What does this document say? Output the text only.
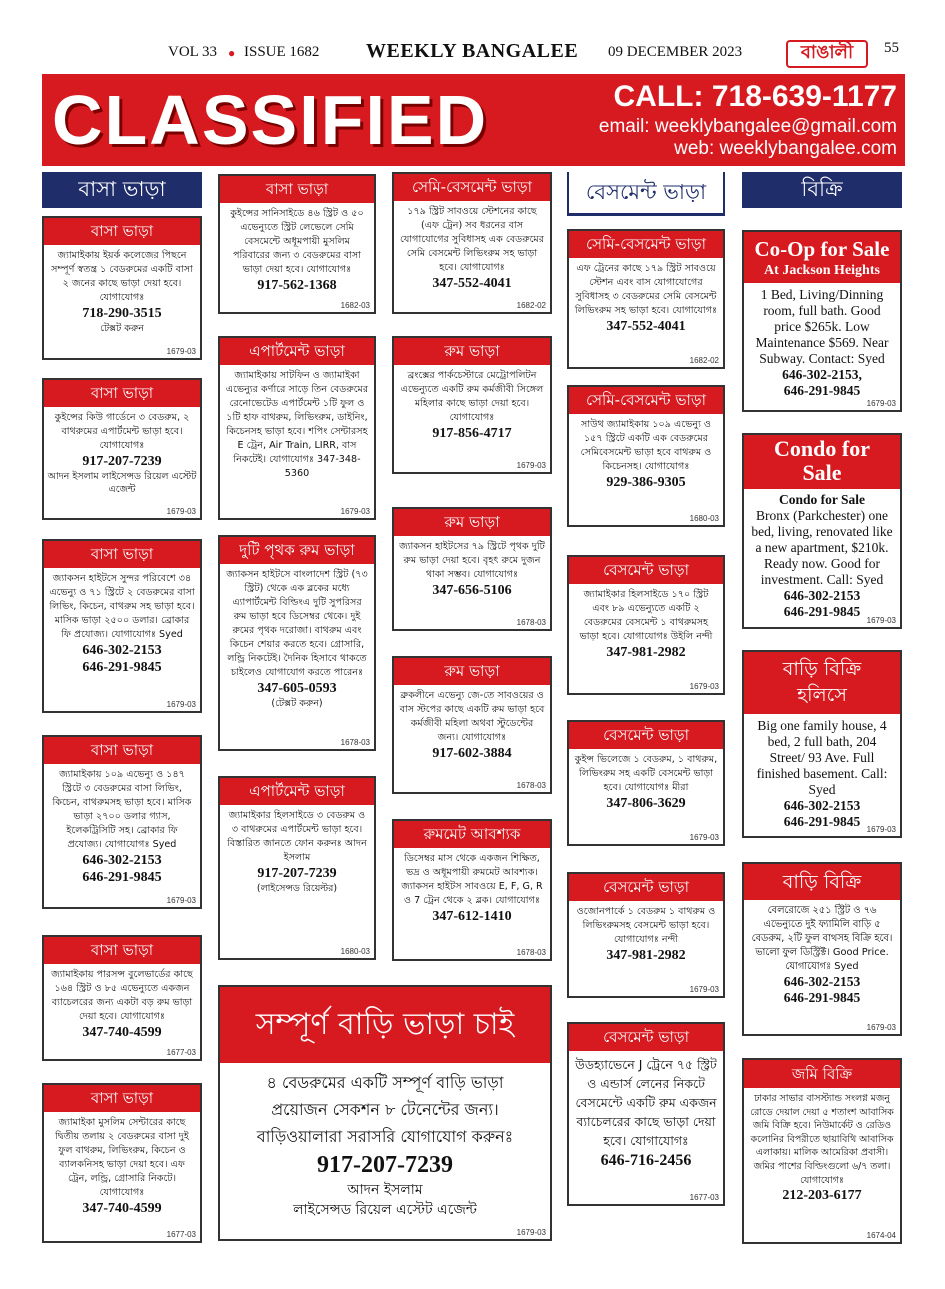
VOL 33 ● ISSUE 1682 WEEKLY BANGALEE 09 DECEMBER 2023	বাঙালী	55
CLASSIFIED	CALL: 718-639-1177
email: weeklybangalee@gmail.com
web: weeklybangalee.com
বাসা ভাড়া	বেসমেন্ট ভাড়া	বিক্রি
বাসা ভাড়া
জ্যামাইকায় ইয়র্ক কলেজের পিছনে সম্পূর্ণ স্বতন্ত্র ১ বেডরুমের একটি বাসা ২ জনের কাছে ভাড়া দেয়া হবে। যোগাযোগঃ
718-290-3515
টেক্সট করুন
1679-03
বাসা ভাড়া
কুইন্সের কিউ গার্ডেনে ৩ বেডরুম, ২ বাথরুমের এপার্টমেন্ট ভাড়া হবে। যোগাযোগঃ
917-207-7239
আদন ইসলাম লাইসেন্সড রিয়েল এস্টেট এজেন্ট
1679-03
বাসা ভাড়া
জ্যাকসন হাইটসে সুন্দর পরিবেশে ৩৪ এভেন্যু ও ৭১ স্ট্রিটে ২ বেডরুমের বাসা লিভিং, কিচেন, বাথরুম সহ ভাড়া হবে। মাসিক ভাড়া ২৫০০ ডলার। ব্রোকার ফি প্রযোজ্য। যোগাযোগঃ Syed
646-302-2153
646-291-9845
1679-03
বাসা ভাড়া
জ্যামাইকায় ১০৯ এভেন্যু ও ১৪৭ স্ট্রিটে ৩ বেডরুমের বাসা লিভিং, কিচেন, বাথরুমসহ ভাড়া হবে। মাসিক ভাড়া ২৭০০ ডলার গ্যাস, ইলেকট্রিসিটি সহ। ব্রোকার ফি প্রযোজ্য। যোগাযোগঃ Syed
646-302-2153
646-291-9845
1679-03
বাসা ভাড়া
জ্যামাইকায় পারসন্স বুলেভার্ডের কাছে ১৬৪ স্ট্রিট ও ৮৫ এভেন্যুতে একজন ব্যাচেলরের জন্য একটা বড় রুম ভাড়া দেয়া হবে। যোগাযোগঃ
347-740-4599
1677-03
বাসা ভাড়া
জ্যামাইকা মুসলিম সেন্টারের কাছে দ্বিতীয় তলায় ২ বেডরুমের বাসা দুই ফুল বাথরুম, লিভিংরুম, কিচেন ও ব্যালকনিসহ ভাড়া দেয়া হবে। এফ ট্রেন, লন্ড্রি, গ্রোসারি নিকটে। যোগাযোগঃ
347-740-4599
1677-03
বাসা ভাড়া
কুইন্সের সানিসাইডে ৪৬ স্ট্রিট ও ৫০ এভেন্যুতে স্ট্রিট লেভেলে সেমি বেসমেন্টে অধূমপায়ী মুসলিম পরিবারের জন্য ৩ বেডরুমের বাসা ভাড়া দেয়া হবে। যোগাযোগঃ
917-562-1368
1682-03
এপার্টমেন্ট ভাড়া
জ্যামাইকায় সাটফিন ও জ্যামাইকা এভেন্যুর কর্ণারে সাড়ে তিন বেডরুমের রেনোভেটেড এপার্টমেন্ট ১টি ফুল ও ১টি হাফ বাথরুম, লিভিংরুম, ডাইনিং, কিচেনসহ ভাড়া হবে। শপিং সেন্টারসহ E ট্রেন, Air Train, LIRR, বাস নিকটেই। যোগাযোগঃ 347-348-5360
1679-03
দুটি পৃথক রুম ভাড়া
জ্যাকসন হাইটসে বাংলাদেশ স্ট্রিট (৭৩ স্ট্রিট) থেকে এক ব্লকের মধ্যে এ্যাপার্টমেন্ট বিল্ডিংএ দুটি সুপরিসর রুম ভাড়া হবে ডিসেম্বর থেকে। দুই রুমের পৃথক দরোজা। বাথরুম এবং কিচেন শেয়ার করতে হবে। গ্রোসারি, লন্ড্রি নিকটেই। দৈনিক হিসাবে থাকতে চাইলেও যোগাযোগ করতে পারেনঃ
347-605-0593
(টেক্সট করুন)
1678-03
এপার্টমেন্ট ভাড়া
জ্যামাইকার হিলসাইডে ৩ বেডরুম ও ৩ বাথরুমের এপার্টমেন্ট ভাড়া হবে। বিস্তারিত জানতে ফোন করুনঃ আদন ইসলাম
917-207-7239
(লাইসেন্সড রিয়েল্টর)
1680-03
সেমি-বেসমেন্ট ভাড়া
১৭৯ স্ট্রিট সাবওয়ে স্টেশনের কাছে (এফ ট্রেন) সব ধরনের বাস যোগাযোগের সুবিধাসহ এক বেডরুমের সেমি বেসমেন্ট লিভিংরুম সহ ভাড়া হবে। যোগাযোগঃ
347-552-4041
1682-02
রুম ভাড়া
ব্রংক্সের পার্কচেস্টারে মেট্রোপলিটন এভেন্যুতে একটি রুম কর্মজীবী সিঙ্গেল মহিলার কাছে ভাড়া দেয়া হবে। যোগাযোগঃ
917-856-4717
1679-03
রুম ভাড়া
জ্যাকসন হাইটসের ৭৯ স্ট্রিটে পৃথক দুটি রুম ভাড়া দেয়া হবে। বৃহৎ রুমে দুজন থাকা সম্ভব। যোগাযোগঃ
347-656-5106
1678-03
রুম ভাড়া
ব্রুকলীনে এভেন্যু জে-তে সাবওয়ের ও বাস স্টপের কাছে একটি রুম ভাড়া হবে কর্মজীবী মহিলা অথবা স্টুডেন্টের জন্য। যোগাযোগঃ
917-602-3884
1678-03
রুমমেট আবশ্যক
ডিসেম্বর মাস থেকে একজন শিক্ষিত, ভদ্র ও অধূমপায়ী রুমমেট আবশ্যক। জ্যাকসন হাইটস সাবওয়ে E, F, G, R ও 7 ট্রেন থেকে ২ ব্লক। যোগাযোগঃ
347-612-1410
1678-03
সেমি-বেসমেন্ট ভাড়া
এফ ট্রেনের কাছে ১৭৯ স্ট্রিট সাবওয়ে স্টেশন এবং বাস যোগাযোগের সুবিধাসহ ৩ বেডরুমের সেমি বেসমেন্ট লিভিংরুম সহ ভাড়া হবে। যোগাযোগঃ
347-552-4041
1682-02
সেমি-বেসমেন্ট ভাড়া
সাউথ জ্যামাইকায় ১০৯ এভেন্যু ও ১৫৭ স্ট্রিটে একটি এক বেডরুমের সেমিবেসমেন্ট ভাড়া হবে বাথরুম ও কিচেনসহ। যোগাযোগঃ
929-386-9305
1680-03
বেসমেন্ট ভাড়া
জ্যামাইকার হিলসাইডে ১৭০ স্ট্রিট এবং ৮৯ এভেন্যুতে একটি ২ বেডরুমের বেসমেন্ট ১ বাথরুমসহ ভাড়া হবে। যোগাযোগঃ উইলি নন্দী
347-981-2982
1679-03
বেসমেন্ট ভাড়া
কুইন্স ভিলেজে ১ বেডরুম, ১ বাথরুম, লিভিংরুম সহ একটি বেসমেন্ট ভাড়া হবে। যোগাযোগঃ মীরা
347-806-3629
1679-03
বেসমেন্ট ভাড়া
ওজোনপার্কে ১ বেডরুম ১ বাথরুম ও লিভিংরুমসহ বেসমেন্ট ভাড়া হবে। যোগাযোগঃ নন্দী
347-981-2982
1679-03
বেসমেন্ট ভাড়া
উডহ্যাভেনে J ট্রেনে ৭৫ স্ট্রিট ও এন্ডার্স লেনের নিকটে বেসমেন্টে একটি রুম একজন ব্যাচেলরের কাছে ভাড়া দেয়া হবে। যোগাযোগঃ
646-716-2456
1677-03
Co-Op for Sale
At Jackson Heights
1 Bed, Living/Dinning room, full bath. Good price $265k. Low Maintenance $569. Near Subway. Contact: Syed
646-302-2153,
646-291-9845
1679-03
Condo for Sale
Condo for Sale
Bronx (Parkchester) one bed, living, renovated like a new apartment, $210k. Ready now. Good for investment. Call: Syed
646-302-2153
646-291-9845
1679-03
বাড়ি বিক্রি হলিসে
Big one family house, 4 bed, 2 full bath, 204 Street/ 93 Ave. Full finished basement. Call: Syed
646-302-2153
646-291-9845
1679-03
বাড়ি বিক্রি
বেলরোজে ২৫১ স্ট্রিট ও ৭৬ এভেন্যুতে দুই ফ্যামিলি বাড়ি ৫ বেডরুম, ২টি ফুল বাথসহ বিক্রি হবে। ভালো ফুল ডিস্ট্রিক্ট। Good Price. যোগাযোগঃ Syed
646-302-2153
646-291-9845
1679-03
জমি বিক্রি
ঢাকার সাভার বাসস্ট্যান্ড সংলগ্ন মজনু রোডে দেয়াল দেয়া ৫ শতাংশ আবাসিক জমি বিক্রি হবে। নিউমার্কেট ও রেডিও কলোনির বিপরীতে ছায়াবিথি আবাসিক এলাকায়। মালিক আমেরিকা প্রবাসী। জমির পাশের বিল্ডিংগুলো ৬/৭ তলা। যোগাযোগঃ
212-203-6177
1674-04
সম্পূর্ণ বাড়ি ভাড়া চাই
৪ বেডরুমের একটি সম্পূর্ণ বাড়ি ভাড়া
প্রয়োজন সেকশন ৮ টেনেন্টের জন্য।
বাড়িওয়ালারা সরাসরি যোগাযোগ করুনঃ
917-207-7239
আদন ইসলাম
লাইসেন্সড রিয়েল এস্টেট এজেন্ট
1679-03
